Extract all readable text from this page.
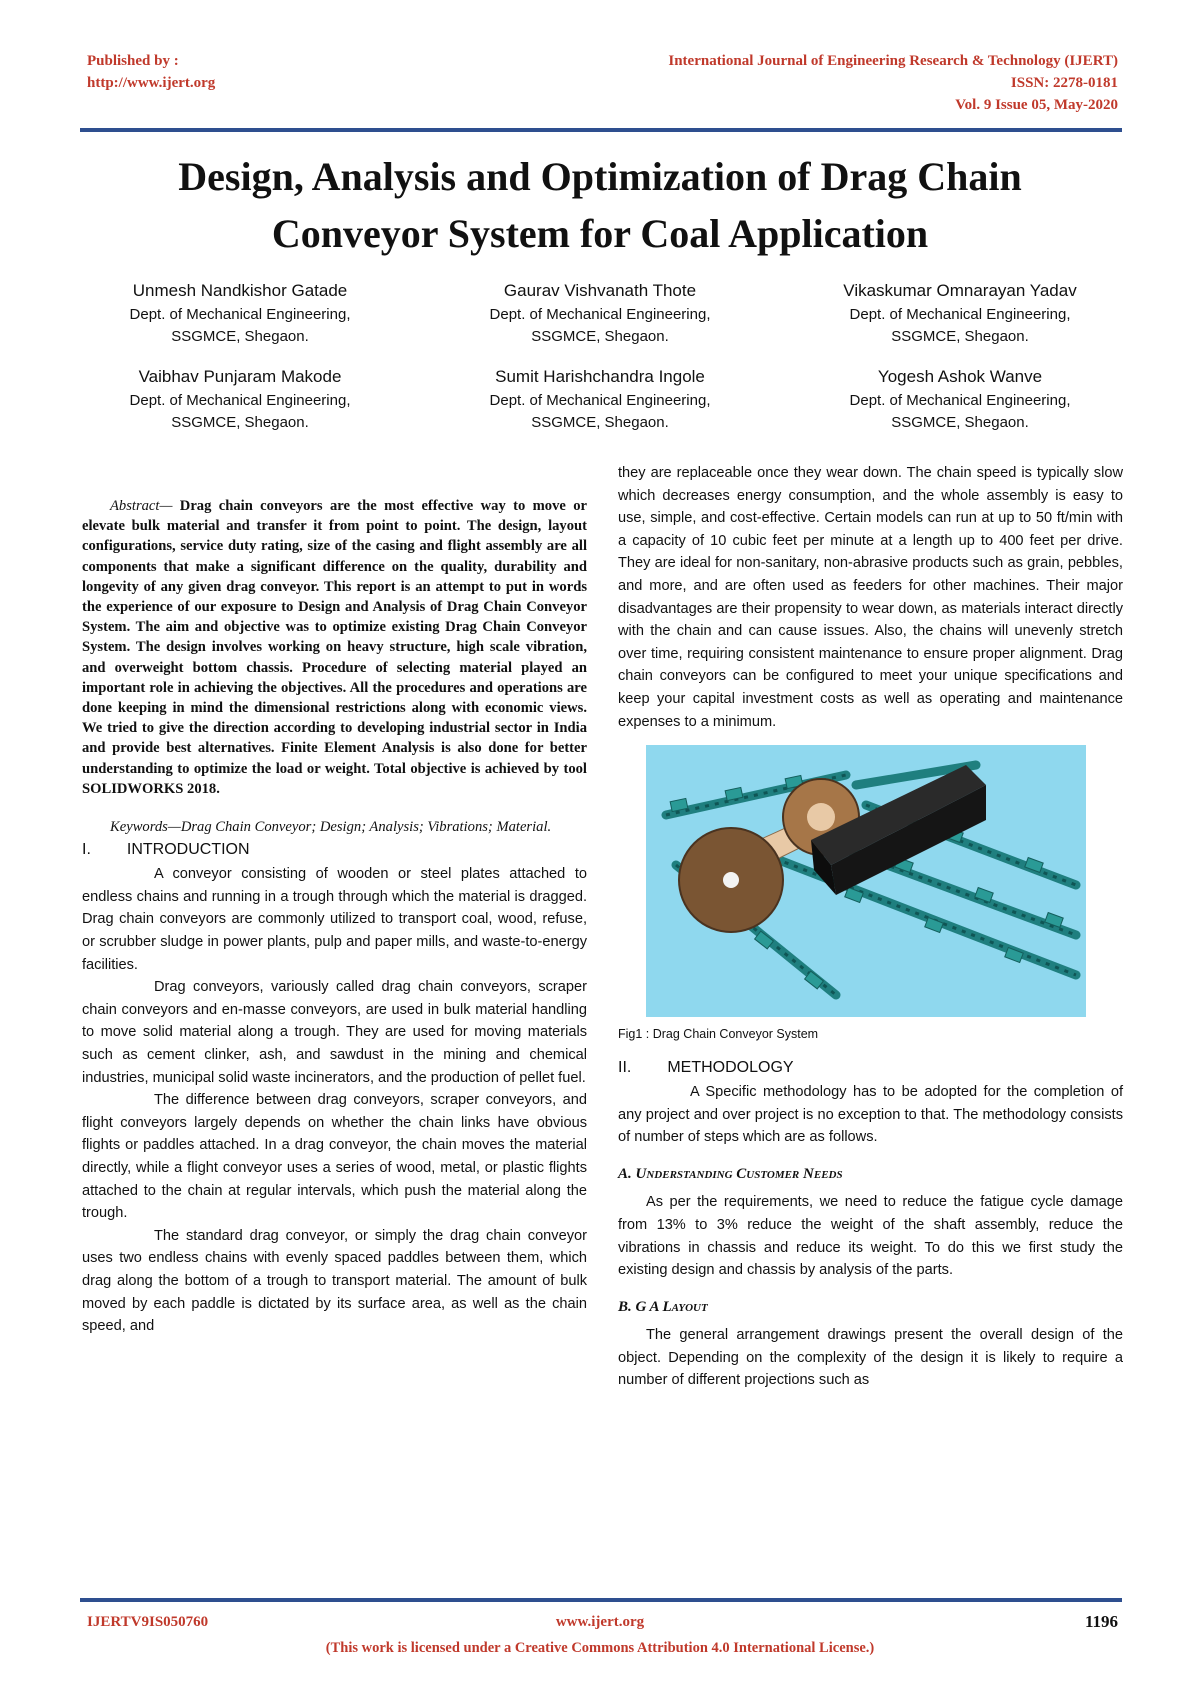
Published by :
http://www.ijert.org
International Journal of Engineering Research & Technology (IJERT)
ISSN: 2278-0181
Vol. 9 Issue 05, May-2020
Design, Analysis and Optimization of Drag Chain
Conveyor System for Coal Application
Unmesh Nandkishor Gatade
Dept. of Mechanical Engineering,
SSGMCE, Shegaon.
Gaurav Vishvanath Thote
Dept. of Mechanical Engineering,
SSGMCE, Shegaon.
Vikaskumar Omnarayan Yadav
Dept. of Mechanical Engineering,
SSGMCE, Shegaon.
Vaibhav Punjaram Makode
Dept. of Mechanical Engineering,
SSGMCE, Shegaon.
Sumit Harishchandra Ingole
Dept. of Mechanical Engineering,
SSGMCE, Shegaon.
Yogesh Ashok Wanve
Dept. of Mechanical Engineering,
SSGMCE, Shegaon.

Abstract— Drag chain conveyors are the most effective way to move or elevate bulk material and transfer it from point to point. The design, layout configurations, service duty rating, size of the casing and flight assembly are all components that make a significant difference on the quality, durability and longevity of any given drag conveyor. This report is an attempt to put in words the experience of our exposure to Design and Analysis of Drag Chain Conveyor System. The aim and objective was to optimize existing Drag Chain Conveyor System. The design involves working on heavy structure, high scale vibration, and overweight bottom chassis. Procedure of selecting material played an important role in achieving the objectives. All the procedures and operations are done keeping in mind the dimensional restrictions along with economic views. We tried to give the direction according to developing industrial sector in India and provide best alternatives. Finite Element Analysis is also done for better understanding to optimize the load or weight. Total objective is achieved by tool SOLIDWORKS 2018.

Keywords—Drag Chain Conveyor; Design; Analysis; Vibrations; Material.

I. INTRODUCTION

A conveyor consisting of wooden or steel plates attached to endless chains and running in a trough through which the material is dragged. Drag chain conveyors are commonly utilized to transport coal, wood, refuse, or scrubber sludge in power plants, pulp and paper mills, and waste-to-energy facilities.

Drag conveyors, variously called drag chain conveyors, scraper chain conveyors and en-masse conveyors, are used in bulk material handling to move solid material along a trough. They are used for moving materials such as cement clinker, ash, and sawdust in the mining and chemical industries, municipal solid waste incinerators, and the production of pellet fuel.

The difference between drag conveyors, scraper conveyors, and flight conveyors largely depends on whether the chain links have obvious flights or paddles attached. In a drag conveyor, the chain moves the material directly, while a flight conveyor uses a series of wood, metal, or plastic flights attached to the chain at regular intervals, which push the material along the trough.

The standard drag conveyor, or simply the drag chain conveyor uses two endless chains with evenly spaced paddles between them, which drag along the bottom of a trough to transport material. The amount of bulk moved by each paddle is dictated by its surface area, as well as the chain speed, and

they are replaceable once they wear down. The chain speed is typically slow which decreases energy consumption, and the whole assembly is easy to use, simple, and cost-effective. Certain models can run at up to 50 ft/min with a capacity of 10 cubic feet per minute at a length up to 400 feet per drive. They are ideal for non-sanitary, non-abrasive products such as grain, pebbles, and more, and are often used as feeders for other machines. Their major disadvantages are their propensity to wear down, as materials interact directly with the chain and can cause issues. Also, the chains will unevenly stretch over time, requiring consistent maintenance to ensure proper alignment. Drag chain conveyors can be configured to meet your unique specifications and keep your capital investment costs as well as operating and maintenance expenses to a minimum.

Fig1 : Drag Chain Conveyor System

II. METHODOLOGY

A Specific methodology has to be adopted for the completion of any project and over project is no exception to that. The methodology consists of number of steps which are as follows.

A. Understanding Customer Needs

As per the requirements, we need to reduce the fatigue cycle damage from 13% to 3% reduce the weight of the shaft assembly, reduce the vibrations in chassis and reduce its weight. To do this we first study the existing design and chassis by analysis of the parts.

B. G A Layout

The general arrangement drawings present the overall design of the object. Depending on the complexity of the design it is likely to require a number of different projections such as

IJERTV9IS050760	www.ijert.org	1196
(This work is licensed under a Creative Commons Attribution 4.0 International License.)
